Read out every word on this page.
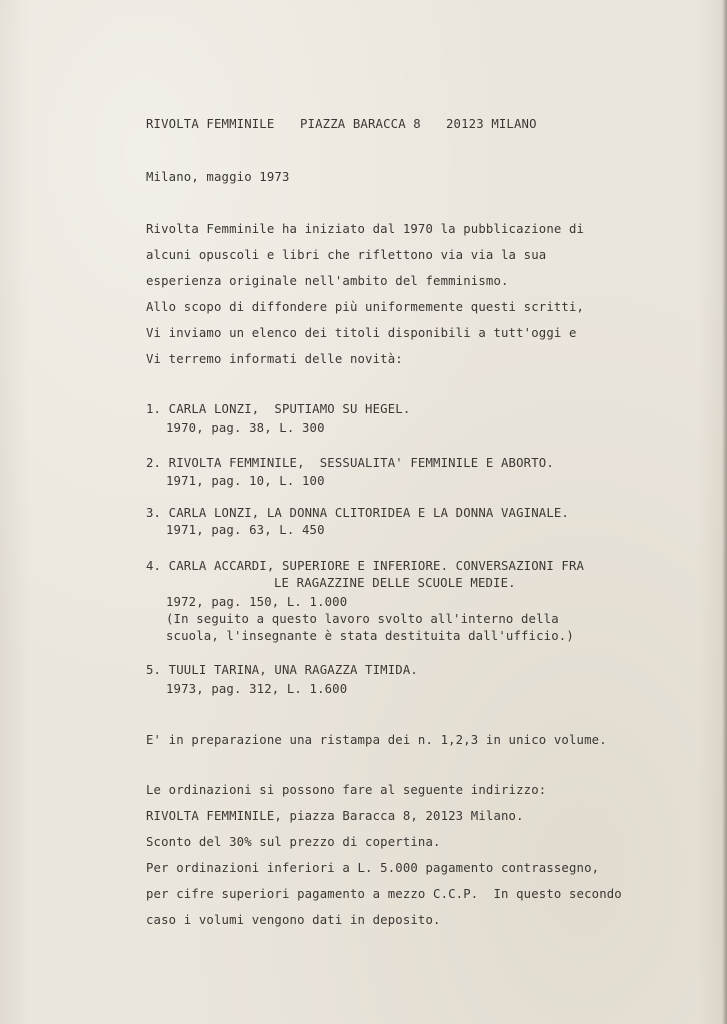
RIVOLTA FEMMINILE PIAZZA BARACCA 8 20123 MILANO
Milano, maggio 1973
Rivolta Femminile ha iniziato dal 1970 la pubblicazione di
alcuni opuscoli e libri che riflettono via via la sua
esperienza originale nell'ambito del femminismo.
Allo scopo di diffondere più uniformemente questi scritti,
Vi inviamo un elenco dei titoli disponibili a tutt'oggi e
Vi terremo informati delle novità:
1. CARLA LONZI,  SPUTIAMO SU HEGEL.
1970, pag. 38, L. 300
2. RIVOLTA FEMMINILE,  SESSUALITA' FEMMINILE E ABORTO.
1971, pag. 10, L. 100
3. CARLA LONZI, LA DONNA CLITORIDEA E LA DONNA VAGINALE.
1971, pag. 63, L. 450
4. CARLA ACCARDI, SUPERIORE E INFERIORE. CONVERSAZIONI FRA
LE RAGAZZINE DELLE SCUOLE MEDIE.
1972, pag. 150, L. 1.000
(In seguito a questo lavoro svolto all'interno della
scuola, l'insegnante è stata destituita dall'ufficio.)
5. TUULI TARINA, UNA RAGAZZA TIMIDA.
1973, pag. 312, L. 1.600
E' in preparazione una ristampa dei n. 1,2,3 in unico volume.
Le ordinazioni si possono fare al seguente indirizzo:
RIVOLTA FEMMINILE, piazza Baracca 8, 20123 Milano.
Sconto del 30% sul prezzo di copertina.
Per ordinazioni inferiori a L. 5.000 pagamento contrassegno,
per cifre superiori pagamento a mezzo C.C.P.  In questo secondo
caso i volumi vengono dati in deposito.
